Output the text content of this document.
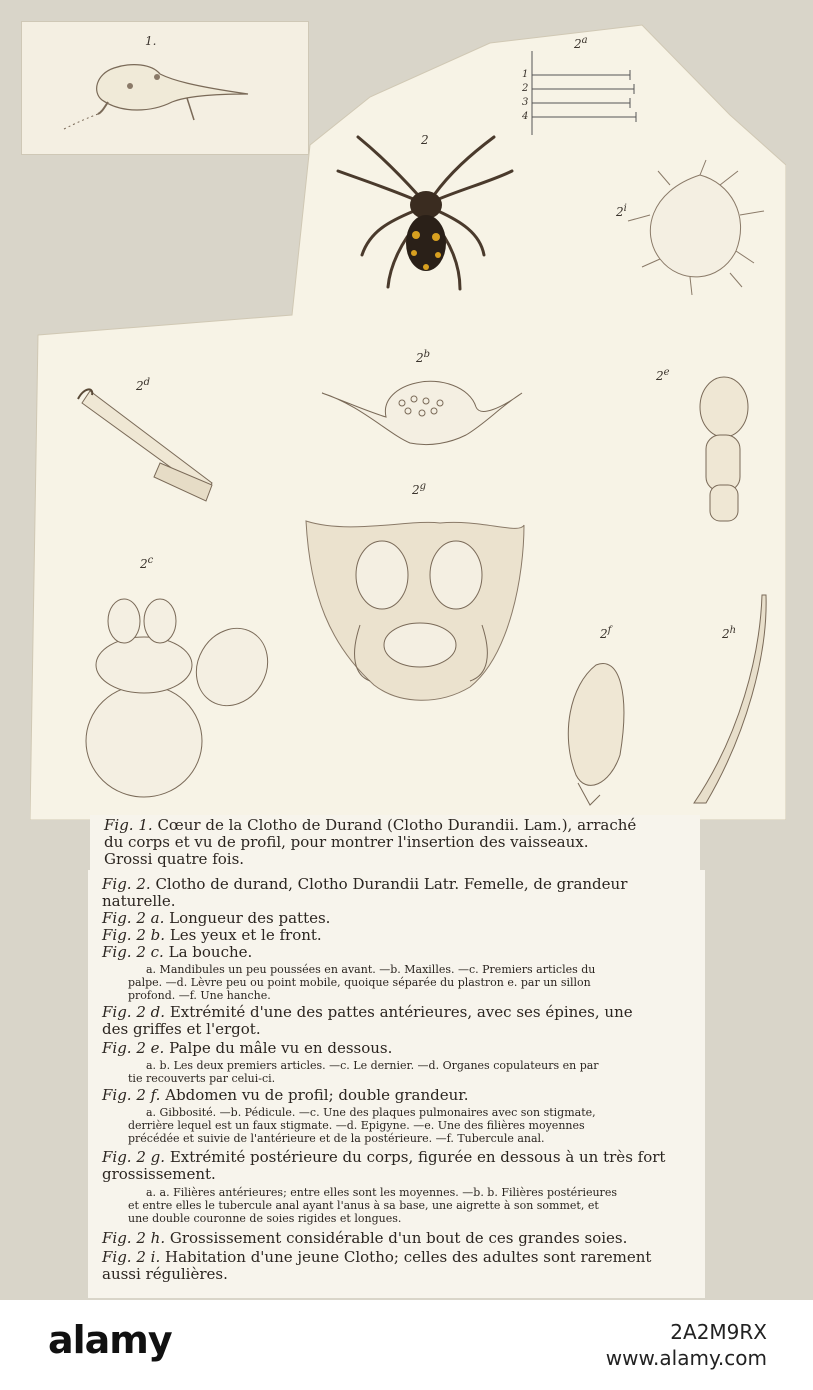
1.
2
2$^a$
1
2
3
4
2$^i$
2$^b$
2$^d$	2e
2$^g$
2$^c$
2$^f$	2$^h$
Fig. 1. Cœur de la Clotho de Durand (Clotho Durandii. Lam.), arraché
du corps et vu de profil, pour montrer l'insertion des vaisseaux.
Grossi quatre fois.
Fig. 2. Clotho de durand, Clotho Durandii Latr. Femelle, de grandeur
naturelle.
Fig. 2 a. Longueur des pattes.
Fig. 2 b. Les yeux et le front.
Fig. 2 c. La bouche.
a. Mandibules un peu poussées en avant. —b. Maxilles. —c. Premiers articles du
palpe. —d. Lèvre peu ou point mobile, quoique séparée du plastron e. par un sillon
profond. —f. Une hanche.
Fig. 2 d. Extrémité d'une des pattes antérieures, avec ses épines, une
des griffes et l'ergot.
Fig. 2 e. Palpe du mâle vu en dessous.
a. b. Les deux premiers articles. —c. Le dernier. —d. Organes copulateurs en par
tie recouverts par celui-ci.
Fig. 2 f. Abdomen vu de profil; double grandeur.
a. Gibbosité. —b. Pédicule. —c. Une des plaques pulmonaires avec son stigmate,
derrière lequel est un faux stigmate. —d. Epigyne. —e. Une des filières moyennes
précédée et suivie de l'antérieure et de la postérieure. —f. Tubercule anal.
Fig. 2 g. Extrémité postérieure du corps, figurée en dessous à un très fort
grossissement.
a. a. Filières antérieures; entre elles sont les moyennes. —b. b. Filières postérieures
et entre elles le tubercule anal ayant l'anus à sa base, une aigrette à son sommet, et
une double couronne de soies rigides et longues.
Fig. 2 h. Grossissement considérable d'un bout de ces grandes soies.
Fig. 2 i. Habitation d'une jeune Clotho; celles des adultes sont rarement
aussi régulières.
alamy	2A2M9RX
www.alamy.com
